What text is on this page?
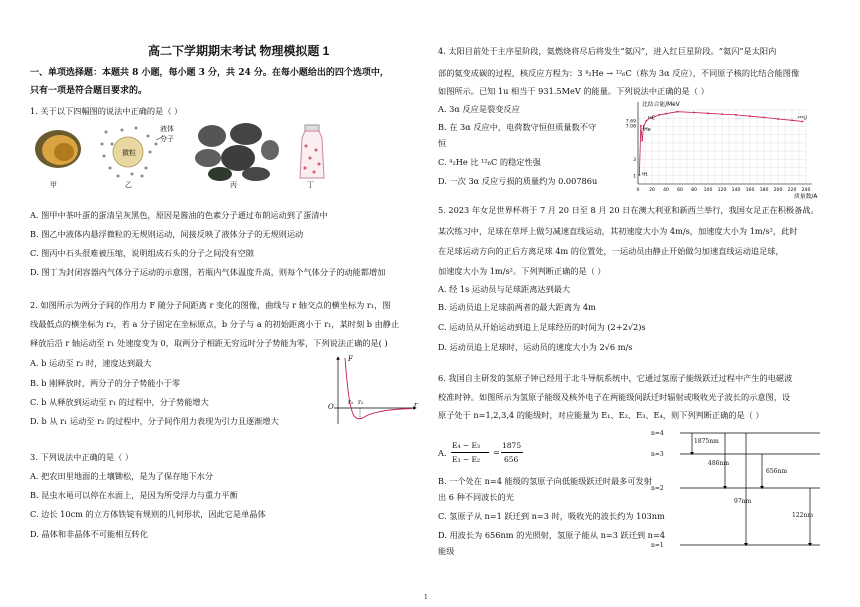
高二下学期期末考试 物理模拟题 1
一、单项选择题：本题共 8 小题，每小题 3 分，共 24 分。在每小题给出的四个选项中，
只有一项是符合题目要求的。
1. 关于以下四幅图的说法中正确的是（ ）
微粒
液体
分子
甲	乙	丙	丁
A. 图甲中茶叶蛋的蛋清呈灰黑色，原因是酱油的色素分子通过布朗运动到了蛋清中
B. 图乙中液体内悬浮微粒的无规则运动，间接反映了液体分子的无规则运动
C. 图丙中石头很难被压缩，说明组成石头的分子之间没有空隙
D. 图丁为封闭容器内气体分子运动的示意图，若瓶内气体温度升高，则每个气体分子的动能都增加
2. 如图所示为两分子间的作用力 F 随分子间距离 r 变化的图像，曲线与 r 轴交点的横坐标为 r₁，图
线最低点的横坐标为 r₂，若 a 分子固定在坐标原点，b 分子与 a 的初始距离小于 r₁，某时刻 b 由静止
释放后沿 r 轴运动至 r₁ 处速度变为 0，取两分子相距无穷远时分子势能为零，下列说法正确的是( )
A. b 运动至 r₂ 时，速度达到最大
B. b 刚释放时，两分子的分子势能小于零
C. b 从释放到运动至 r₁ 的过程中，分子势能增大
D. b 从 r₁ 运动至 r₂ 的过程中，分子间作用力表现为引力且逐渐增大
F
r
O
r₁ r₂
3. 下列说法中正确的是（ ）
A. 把农田里地面的土壤锄松，是为了保存地下水分
B. 昆虫水黾可以停在水面上，是因为所受浮力与重力平衡
C. 边长 10cm 的立方体铁锭有规则的几何形状，因此它是单晶体
D. 晶体和非晶体不可能相互转化
4. 太阳目前处于主序星阶段，氦燃烧将尽后将发生“氦闪”，进入红巨星阶段。“氦闪”是太阳内
部的氦变成碳的过程，核反应方程为：3 ⁴₂He → ¹²₆C（称为 3α 反应），不同原子核的比结合能图像
如图所示。已知 1u 相当于 931.5MeV 的能量。下列说法中正确的是（ ）
A. 3α 反应是裂变反应
B. 在 3α 反应中，电荷数守恒但质量数不守
恒
C. ⁴₂He 比 ¹²₆C 的稳定性强
D. 一次 3α 反应亏损的质量约为 0.00786u
0 20 40 60 80 100 120 140 160 180 200 220 240
7.69
7.08
3
1
比结合能/MeV
质量数/A
¹²C
⁴He
²H
²³⁵U
5. 2023 年女足世界杯将于 7 月 20 日至 8 月 20 日在澳大利亚和新西兰举行，我国女足正在积极备战。
某次练习中，足球在草坪上做匀减速直线运动，其初速度大小为 4m/s，加速度大小为 1m/s²，此时
在足球运动方向的正后方离足球 4m 的位置处，一运动员由静止开始做匀加速直线运动追足球，
加速度大小为 1m/s²。下列判断正确的是（ ）
A. 经 1s 运动员与足球距离达到最大
B. 运动员追上足球前两者的最大距离为 4m
C. 运动员从开始运动到追上足球经历的时间为 (2+2√2)s
D. 运动员追上足球时，运动员的速度大小为 2√6 m/s
6. 我国自主研发的氢原子钟已经用于北斗导航系统中，它通过氢原子能级跃迁过程中产生的电磁波
校准时钟。如图所示为氢原子能级及核外电子在两能级间跃迁时辐射或吸收光子波长的示意图，设
原子处于 n=1,2,3,4 的能级时，对应能量为 E₁、E₂、E₃、E₄，则下列判断正确的是（ ）
A.
E₄ − E₃
E₃ − E₂
=
1875
656
B. 一个处在 n=4 能级的氢原子向低能级跃迁时最多可发射
出 6 种不同波长的光
C. 氢原子从 n=1 跃迁到 n=3 时，吸收光的波长约为 103nm
D. 用波长为 656nm 的光照射，氢原子能从 n=3 跃迁到 n=4
能级
n=4
n=3
n=2
n=1
1875nm
486nm
656nm
97nm
122nm
1
